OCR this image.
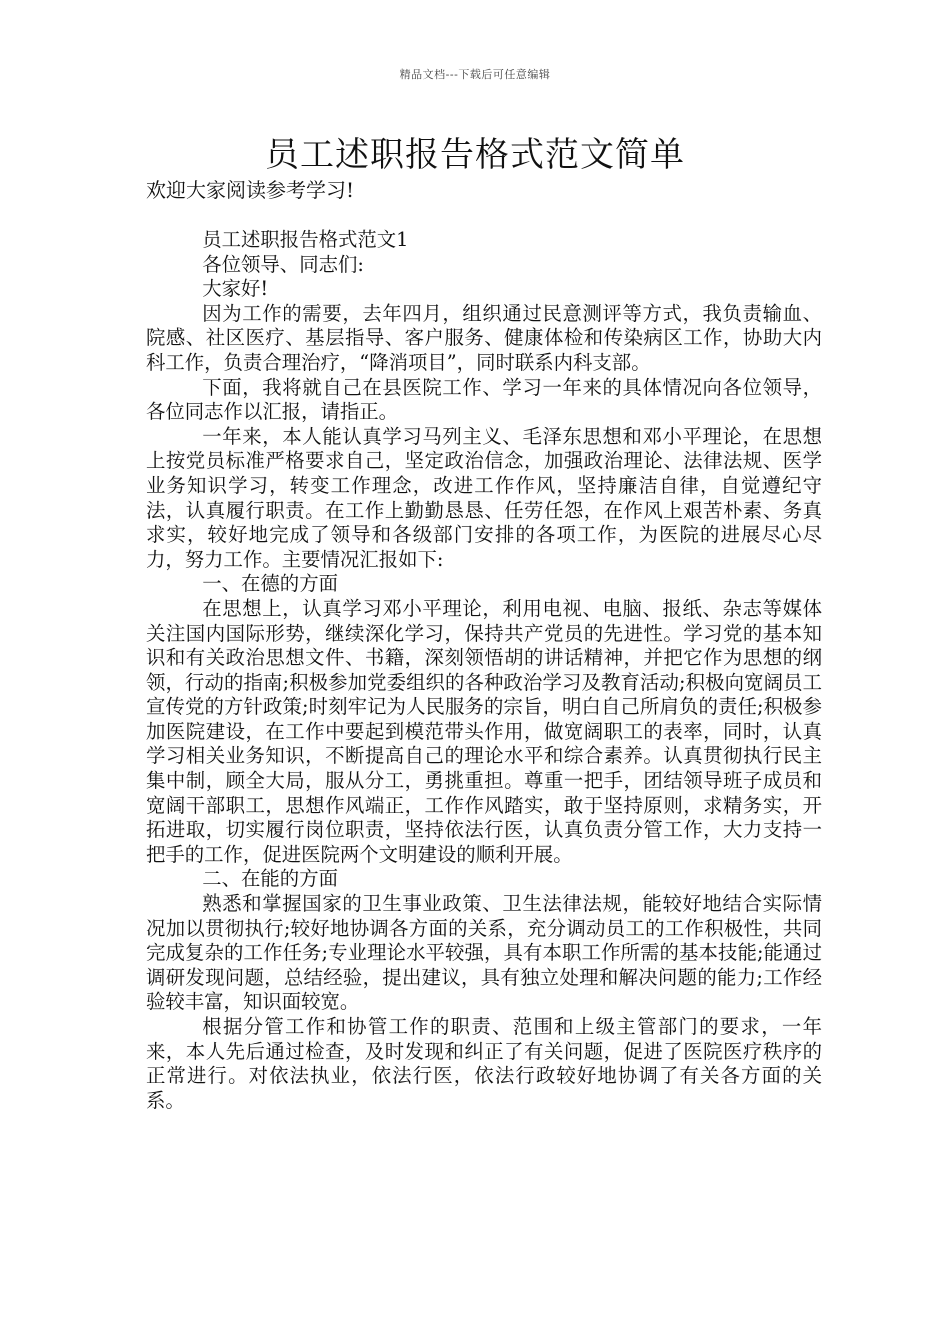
精品文档---下载后可任意编辑
员工述职报告格式范文简单
欢迎大家阅读参考学习!

员工述职报告格式范文1

各位领导、同志们:

大家好!

因为工作的需要，去年四月，组织通过民意测评等方式，我负责输血、院感、社区医疗、基层指导、客户服务、健康体检和传染病区工作，协助大内科工作，负责合理治疗，“降消项目”，同时联系内科支部。

下面，我将就自己在县医院工作、学习一年来的具体情况向各位领导，各位同志作以汇报，请指正。

一年来，本人能认真学习马列主义、毛泽东思想和邓小平理论，在思想上按党员标准严格要求自己，坚定政治信念，加强政治理论、法律法规、医学业务知识学习，转变工作理念，改进工作作风，坚持廉洁自律，自觉遵纪守法，认真履行职责。在工作上勤勤恳恳、任劳任怨，在作风上艰苦朴素、务真求实，较好地完成了领导和各级部门安排的各项工作，为医院的进展尽心尽力，努力工作。主要情况汇报如下:

一、在德的方面

在思想上，认真学习邓小平理论，利用电视、电脑、报纸、杂志等媒体关注国内国际形势，继续深化学习，保持共产党员的先进性。学习党的基本知识和有关政治思想文件、书籍，深刻领悟胡的讲话精神，并把它作为思想的纲领，行动的指南;积极参加党委组织的各种政治学习及教育活动;积极向宽阔员工宣传党的方针政策;时刻牢记为人民服务的宗旨，明白自己所肩负的责任;积极参加医院建设，在工作中要起到模范带头作用，做宽阔职工的表率，同时，认真学习相关业务知识，不断提高自己的理论水平和综合素养。认真贯彻执行民主集中制，顾全大局，服从分工，勇挑重担。尊重一把手，团结领导班子成员和宽阔干部职工，思想作风端正，工作作风踏实，敢于坚持原则，求精务实，开拓进取，切实履行岗位职责，坚持依法行医，认真负责分管工作，大力支持一把手的工作，促进医院两个文明建设的顺利开展。

二、在能的方面

熟悉和掌握国家的卫生事业政策、卫生法律法规，能较好地结合实际情况加以贯彻执行;较好地协调各方面的关系，充分调动员工的工作积极性，共同完成复杂的工作任务;专业理论水平较强，具有本职工作所需的基本技能;能通过调研发现问题，总结经验，提出建议，具有独立处理和解决问题的能力;工作经验较丰富，知识面较宽。

根据分管工作和协管工作的职责、范围和上级主管部门的要求，一年来，本人先后通过检查，及时发现和纠正了有关问题，促进了医院医疗秩序的正常进行。对依法执业，依法行医，依法行政较好地协调了有关各方面的关系。
